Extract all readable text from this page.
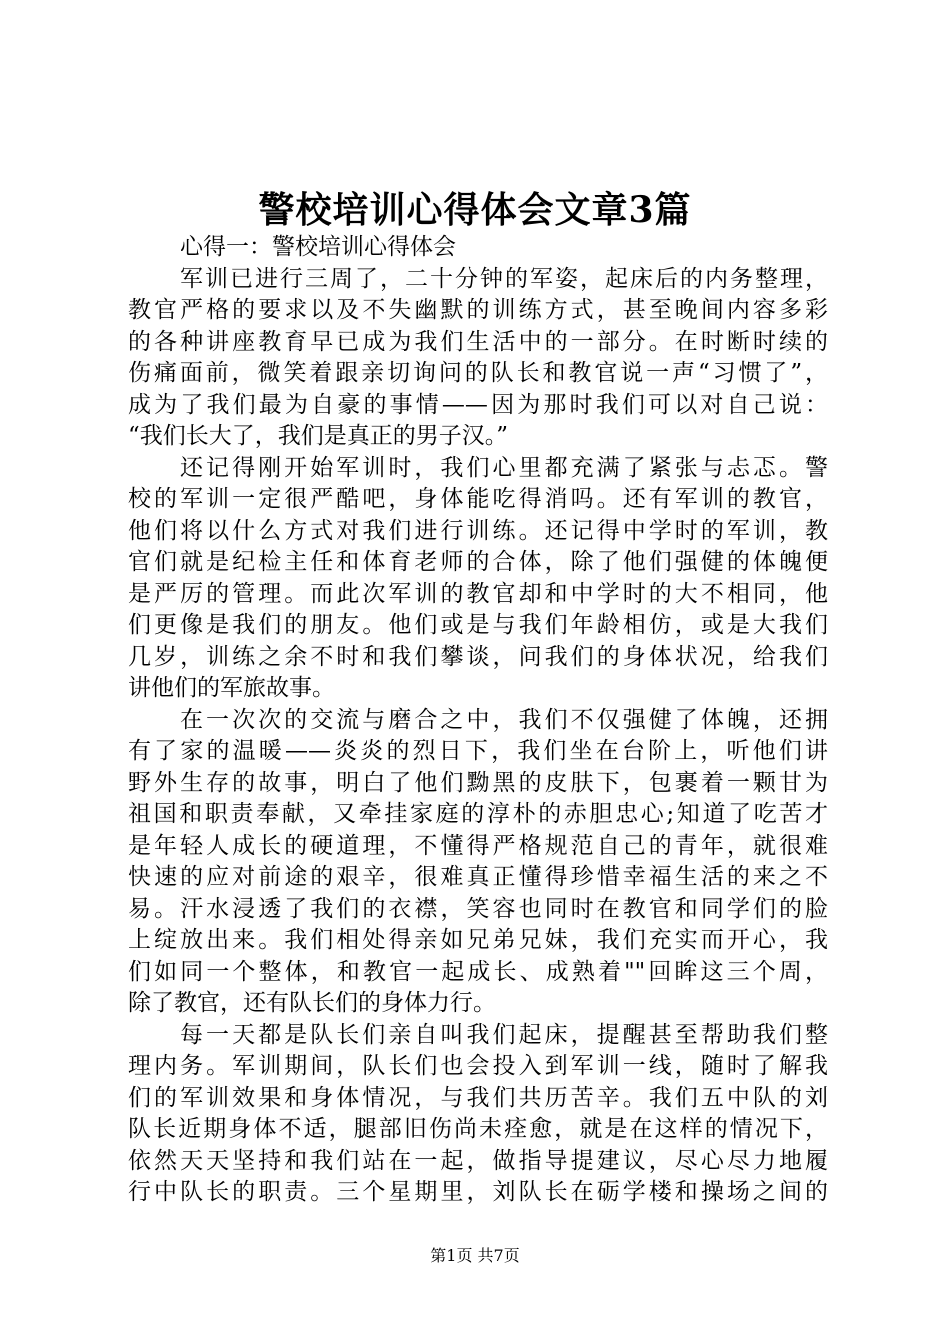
警校培训心得体会文章3篇
心得一：警校培训心得体会
军训已进行三周了，二十分钟的军姿，起床后的内务整理，
教官严格的要求以及不失幽默的训练方式，甚至晚间内容多彩
的各种讲座教育早已成为我们生活中的一部分。在时断时续的
伤痛面前，微笑着跟亲切询问的队长和教官说一声“习惯了”，
成为了我们最为自豪的事情——因为那时我们可以对自己说：
“我们长大了，我们是真正的男子汉。”
还记得刚开始军训时，我们心里都充满了紧张与忐忑。警
校的军训一定很严酷吧，身体能吃得消吗。还有军训的教官，
他们将以什么方式对我们进行训练。还记得中学时的军训，教
官们就是纪检主任和体育老师的合体，除了他们强健的体魄便
是严厉的管理。而此次军训的教官却和中学时的大不相同，他
们更像是我们的朋友。他们或是与我们年龄相仿，或是大我们
几岁，训练之余不时和我们攀谈，问我们的身体状况，给我们
讲他们的军旅故事。
在一次次的交流与磨合之中，我们不仅强健了体魄，还拥
有了家的温暖——炎炎的烈日下，我们坐在台阶上，听他们讲
野外生存的故事，明白了他们黝黑的皮肤下，包裹着一颗甘为
祖国和职责奉献，又牵挂家庭的淳朴的赤胆忠心;知道了吃苦才
是年轻人成长的硬道理，不懂得严格规范自己的青年，就很难
快速的应对前途的艰辛，很难真正懂得珍惜幸福生活的来之不
易。汗水浸透了我们的衣襟，笑容也同时在教官和同学们的脸
上绽放出来。我们相处得亲如兄弟兄妹，我们充实而开心，我
们如同一个整体，和教官一起成长、成熟着""回眸这三个周，
除了教官，还有队长们的身体力行。
每一天都是队长们亲自叫我们起床，提醒甚至帮助我们整
理内务。军训期间，队长们也会投入到军训一线，随时了解我
们的军训效果和身体情况，与我们共历苦辛。我们五中队的刘
队长近期身体不适，腿部旧伤尚未痊愈，就是在这样的情况下，
依然天天坚持和我们站在一起，做指导提建议，尽心尽力地履
行中队长的职责。三个星期里，刘队长在砺学楼和操场之间的
第1页 共7页
